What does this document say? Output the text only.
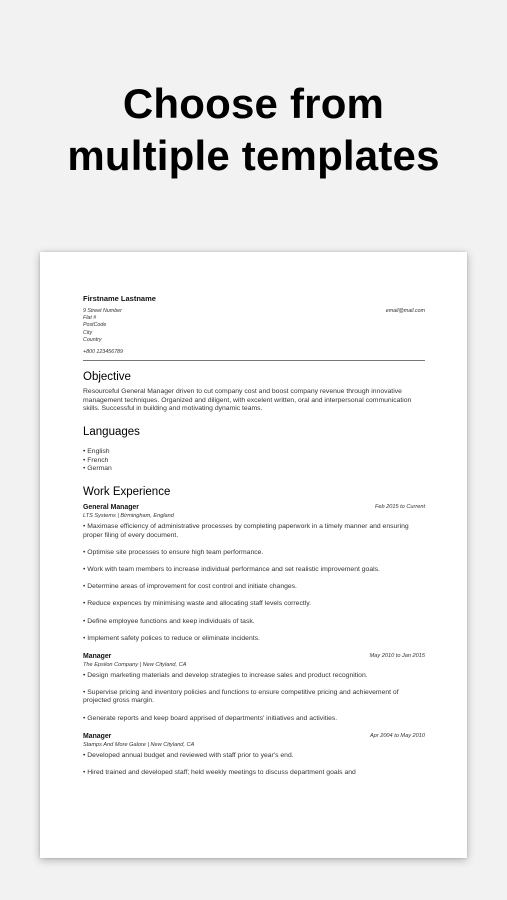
Choose from
multiple templates
Firstname Lastname
9 Street Number
Flat #
PostCode
City
Country
+800 123456789
email@mail.com
Objective
Resourceful General Manager driven to cut company cost and boost company revenue through innovative management techniques. Organized and diligent, with excelent written, oral and interpersonal communication skills. Successful in building and motivating dynamic teams.
Languages
• English
• French
• German
Work Experience
General Manager	Feb 2015 to Current
LTS Systems | Birmingham, England
• Maximase efficiency of administrative processes by completing paperwork in a timely manner and ensuring proper filing of every document.
• Optimise site processes to ensure high team performance.
• Work with team members to increase individual performance and set realistic improvement goals.
• Determine areas of improvement for cost control and initiate changes.
• Reduce expences by minimising waste and allocating staff levels correctly.
• Define employee functions and keep individuals of task.
• Implement safety polices to reduce or eliminate incidents.
Manager	May 2010 to Jan 2015
The Epsilon Company | New Cityland, CA
• Design marketing materials and develop strategies to increase sales and product recognition.
• Supervise pricing and inventory policies and functions to ensure competitive pricing and achievement of projected gross margin.
• Generate reports and keep board apprised of departments' initiatives and activities.
Manager	Apr 2004 to May 2010
Stamps And More Galore | New Cityland, CA
• Developed annual budget and reviewed with staff prior to year's end.
• Hired trained and developed staff; held weekly meetings to discuss department goals and
